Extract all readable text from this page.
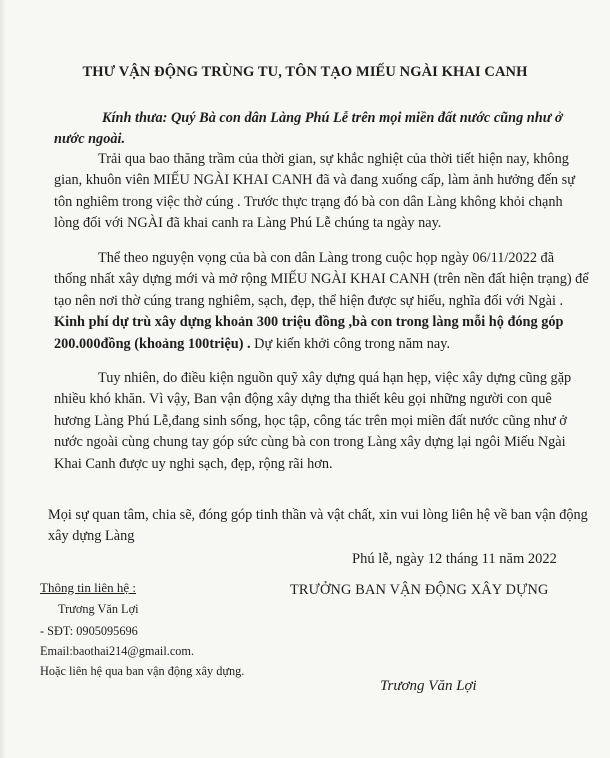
THƯ VẬN ĐỘNG TRÙNG TU, TÔN TẠO MIẾU NGÀI KHAI CANH

Kính thưa: Quý Bà con dân Làng Phú Lễ trên mọi miền đất nước cũng như ở nước ngoài.

Trải qua bao thăng trầm của thời gian, sự khắc nghiệt của thời tiết hiện nay, không gian, khuôn viên MIẾU NGÀI KHAI CANH đã và đang xuống cấp, làm ảnh hưởng đến sự tôn nghiêm trong việc thờ cúng . Trước thực trạng đó bà con dân Làng không khỏi chạnh lòng đối với NGÀI đã khai canh ra Làng Phú Lễ chúng ta ngày nay.

Thể theo nguyện vọng của bà con dân Làng trong cuộc họp ngày 06/11/2022 đã thống nhất xây dựng mới và mở rộng MIẾU NGÀI KHAI CANH (trên nền đất hiện trạng) để tạo nên nơi thờ cúng trang nghiêm, sạch, đẹp, thể hiện được sự hiếu, nghĩa đối với Ngài . Kinh phí dự trù xây dựng khoản 300 triệu đồng ,bà con trong làng mỗi hộ đóng góp 200.000đồng (khoảng 100triệu) . Dự kiến khởi công trong năm nay.

Tuy nhiên, do điều kiện nguồn quỹ xây dựng quá hạn hẹp, việc xây dựng cũng gặp nhiều khó khăn. Vì vậy, Ban vận động xây dựng tha thiết kêu gọi những người con quê hương Làng Phú Lễ,đang sinh sống, học tập, công tác trên mọi miền đất nước cũng như ở nước ngoài cùng chung tay góp sức cùng bà con trong Làng xây dựng lại ngôi Miếu Ngài Khai Canh được uy nghi sạch, đẹp, rộng rãi hơn.

Mọi sự quan tâm, chia sẽ, đóng góp tinh thần và vật chất, xin vui lòng liên hệ về ban vận động xây dựng Làng

Phú lễ, ngày 12 tháng 11 năm 2022
Thông tin liên hệ :
Trương Văn Lợi
- SĐT: 0905095696
Email:baothai214@gmail.com.
Hoặc liên hệ qua ban vận động xây dựng.
TRƯỞNG BAN VẬN ĐỘNG XÂY DỰNG
Trương Văn Lợi
